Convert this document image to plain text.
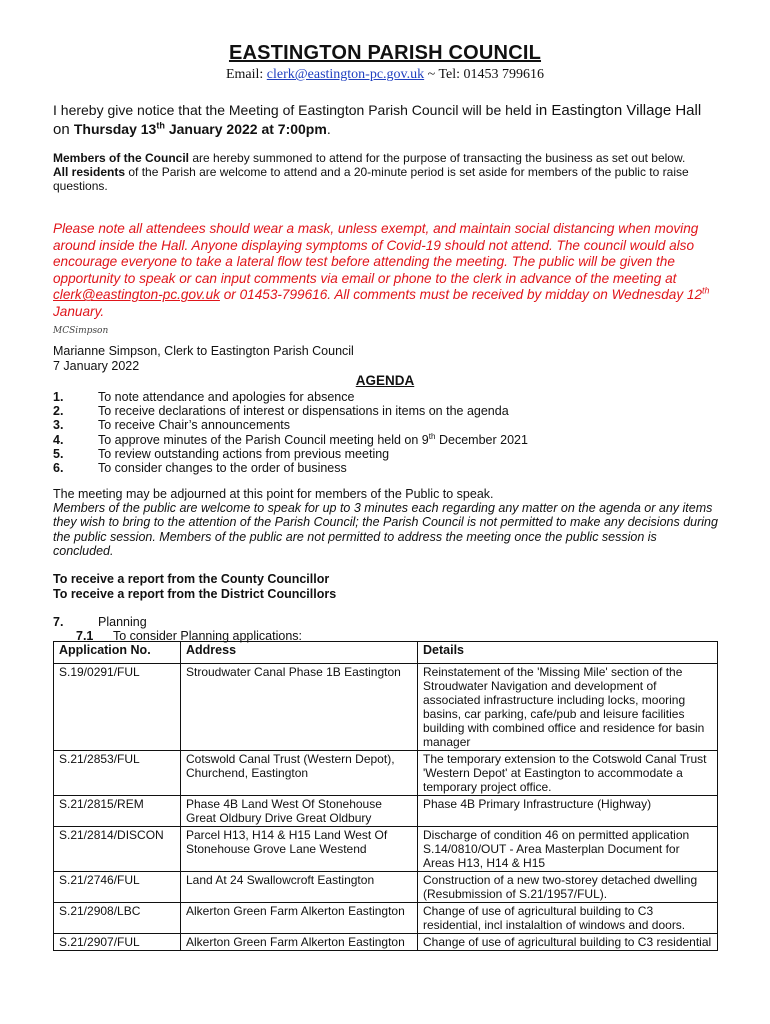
EASTINGTON PARISH COUNCIL
Email: clerk@eastington-pc.gov.uk ~ Tel: 01453 799616
I hereby give notice that the Meeting of Eastington Parish Council will be held in Eastington Village Hall
on Thursday 13th January 2022 at 7:00pm.
Members of the Council are hereby summoned to attend for the purpose of transacting the business as set out below.
All residents of the Parish are welcome to attend and a 20-minute period is set aside for members of the public to raise questions.
Please note all attendees should wear a mask, unless exempt, and maintain social distancing when moving around inside the Hall. Anyone displaying symptoms of Covid-19 should not attend. The council would also encourage everyone to take a lateral flow test before attending the meeting. The public will be given the opportunity to speak or can input comments via email or phone to the clerk in advance of the meeting at clerk@eastington-pc.gov.uk or 01453-799616. All comments must be received by midday on Wednesday 12th January.
MCSimpson
Marianne Simpson, Clerk to Eastington Parish Council
7 January 2022
AGENDA
1.	To note attendance and apologies for absence
2.	To receive declarations of interest or dispensations in items on the agenda
3.	To receive Chair’s announcements
4.	To approve minutes of the Parish Council meeting held on 9th December 2021
5.	To review outstanding actions from previous meeting
6.	To consider changes to the order of business
The meeting may be adjourned at this point for members of the Public to speak.
Members of the public are welcome to speak for up to 3 minutes each regarding any matter on the agenda or any items they wish to bring to the attention of the Parish Council; the Parish Council is not permitted to make any decisions during the public session. Members of the public are not permitted to address the meeting once the public session is concluded.
To receive a report from the County Councillor
To receive a report from the District Councillors
7.	Planning
7.1	To consider Planning applications:
Application No.	Address	Details
S.19/0291/FUL	Stroudwater Canal Phase 1B Eastington	Reinstatement of the 'Missing Mile' section of the Stroudwater Navigation and development of associated infrastructure including locks, mooring basins, car parking, cafe/pub and leisure facilities building with combined office and residence for basin manager
S.21/2853/FUL	Cotswold Canal Trust (Western Depot), Churchend, Eastington	The temporary extension to the Cotswold Canal Trust 'Western Depot' at Eastington to accommodate a temporary project office.
S.21/2815/REM	Phase 4B Land West Of Stonehouse Great Oldbury Drive Great Oldbury	Phase 4B Primary Infrastructure (Highway)
S.21/2814/DISCON	Parcel H13, H14 & H15 Land West Of Stonehouse Grove Lane Westend	Discharge of condition 46 on permitted application S.14/0810/OUT - Area Masterplan Document for Areas H13, H14 & H15
S.21/2746/FUL	Land At 24 Swallowcroft Eastington	Construction of a new two-storey detached dwelling (Resubmission of S.21/1957/FUL).
S.21/2908/LBC	Alkerton Green Farm Alkerton Eastington	Change of use of agricultural building to C3 residential, incl instalaltion of windows and doors.
S.21/2907/FUL	Alkerton Green Farm Alkerton Eastington	Change of use of agricultural building to C3 residential
